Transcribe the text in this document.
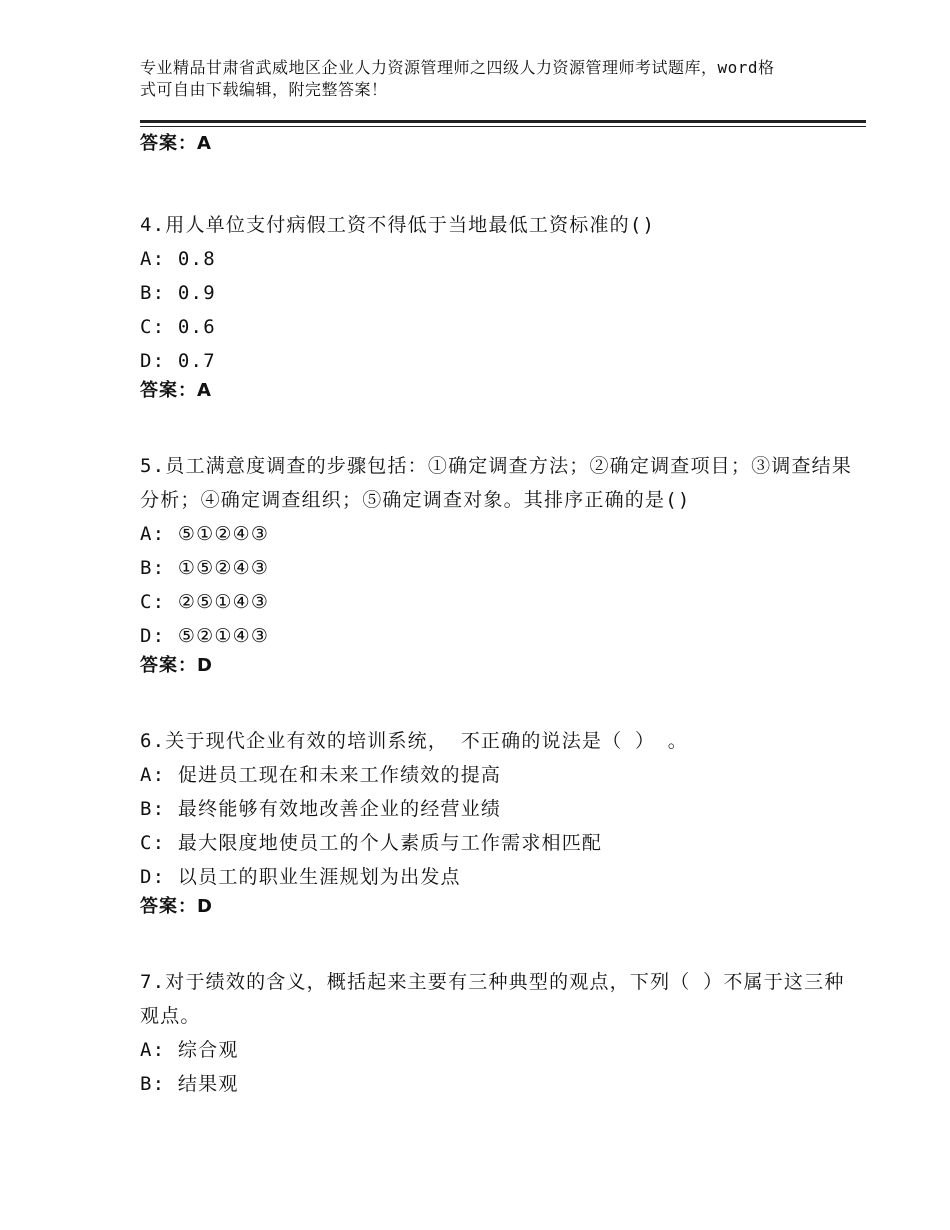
专业精品甘肃省武威地区企业人力资源管理师之四级人力资源管理师考试题库，word格式可自由下载编辑，附完整答案！
答案：A
4.用人单位支付病假工资不得低于当地最低工资标准的()
A: 0.8
B: 0.9
C: 0.6
D: 0.7
答案：A
5.员工满意度调查的步骤包括：①确定调查方法；②确定调查项目；③调查结果分析；④确定调查组织；⑤确定调查对象。其排序正确的是()
A: ⑤①②④③
B: ①⑤②④③
C: ②⑤①④③
D: ⑤②①④③
答案：D
6.关于现代企业有效的培训系统， 不正确的说法是（ ） 。
A: 促进员工现在和未来工作绩效的提高
B: 最终能够有效地改善企业的经营业绩
C: 最大限度地使员工的个人素质与工作需求相匹配
D: 以员工的职业生涯规划为出发点
答案：D
7.对于绩效的含义，概括起来主要有三种典型的观点，下列（ ）不属于这三种观点。
A: 综合观
B: 结果观
